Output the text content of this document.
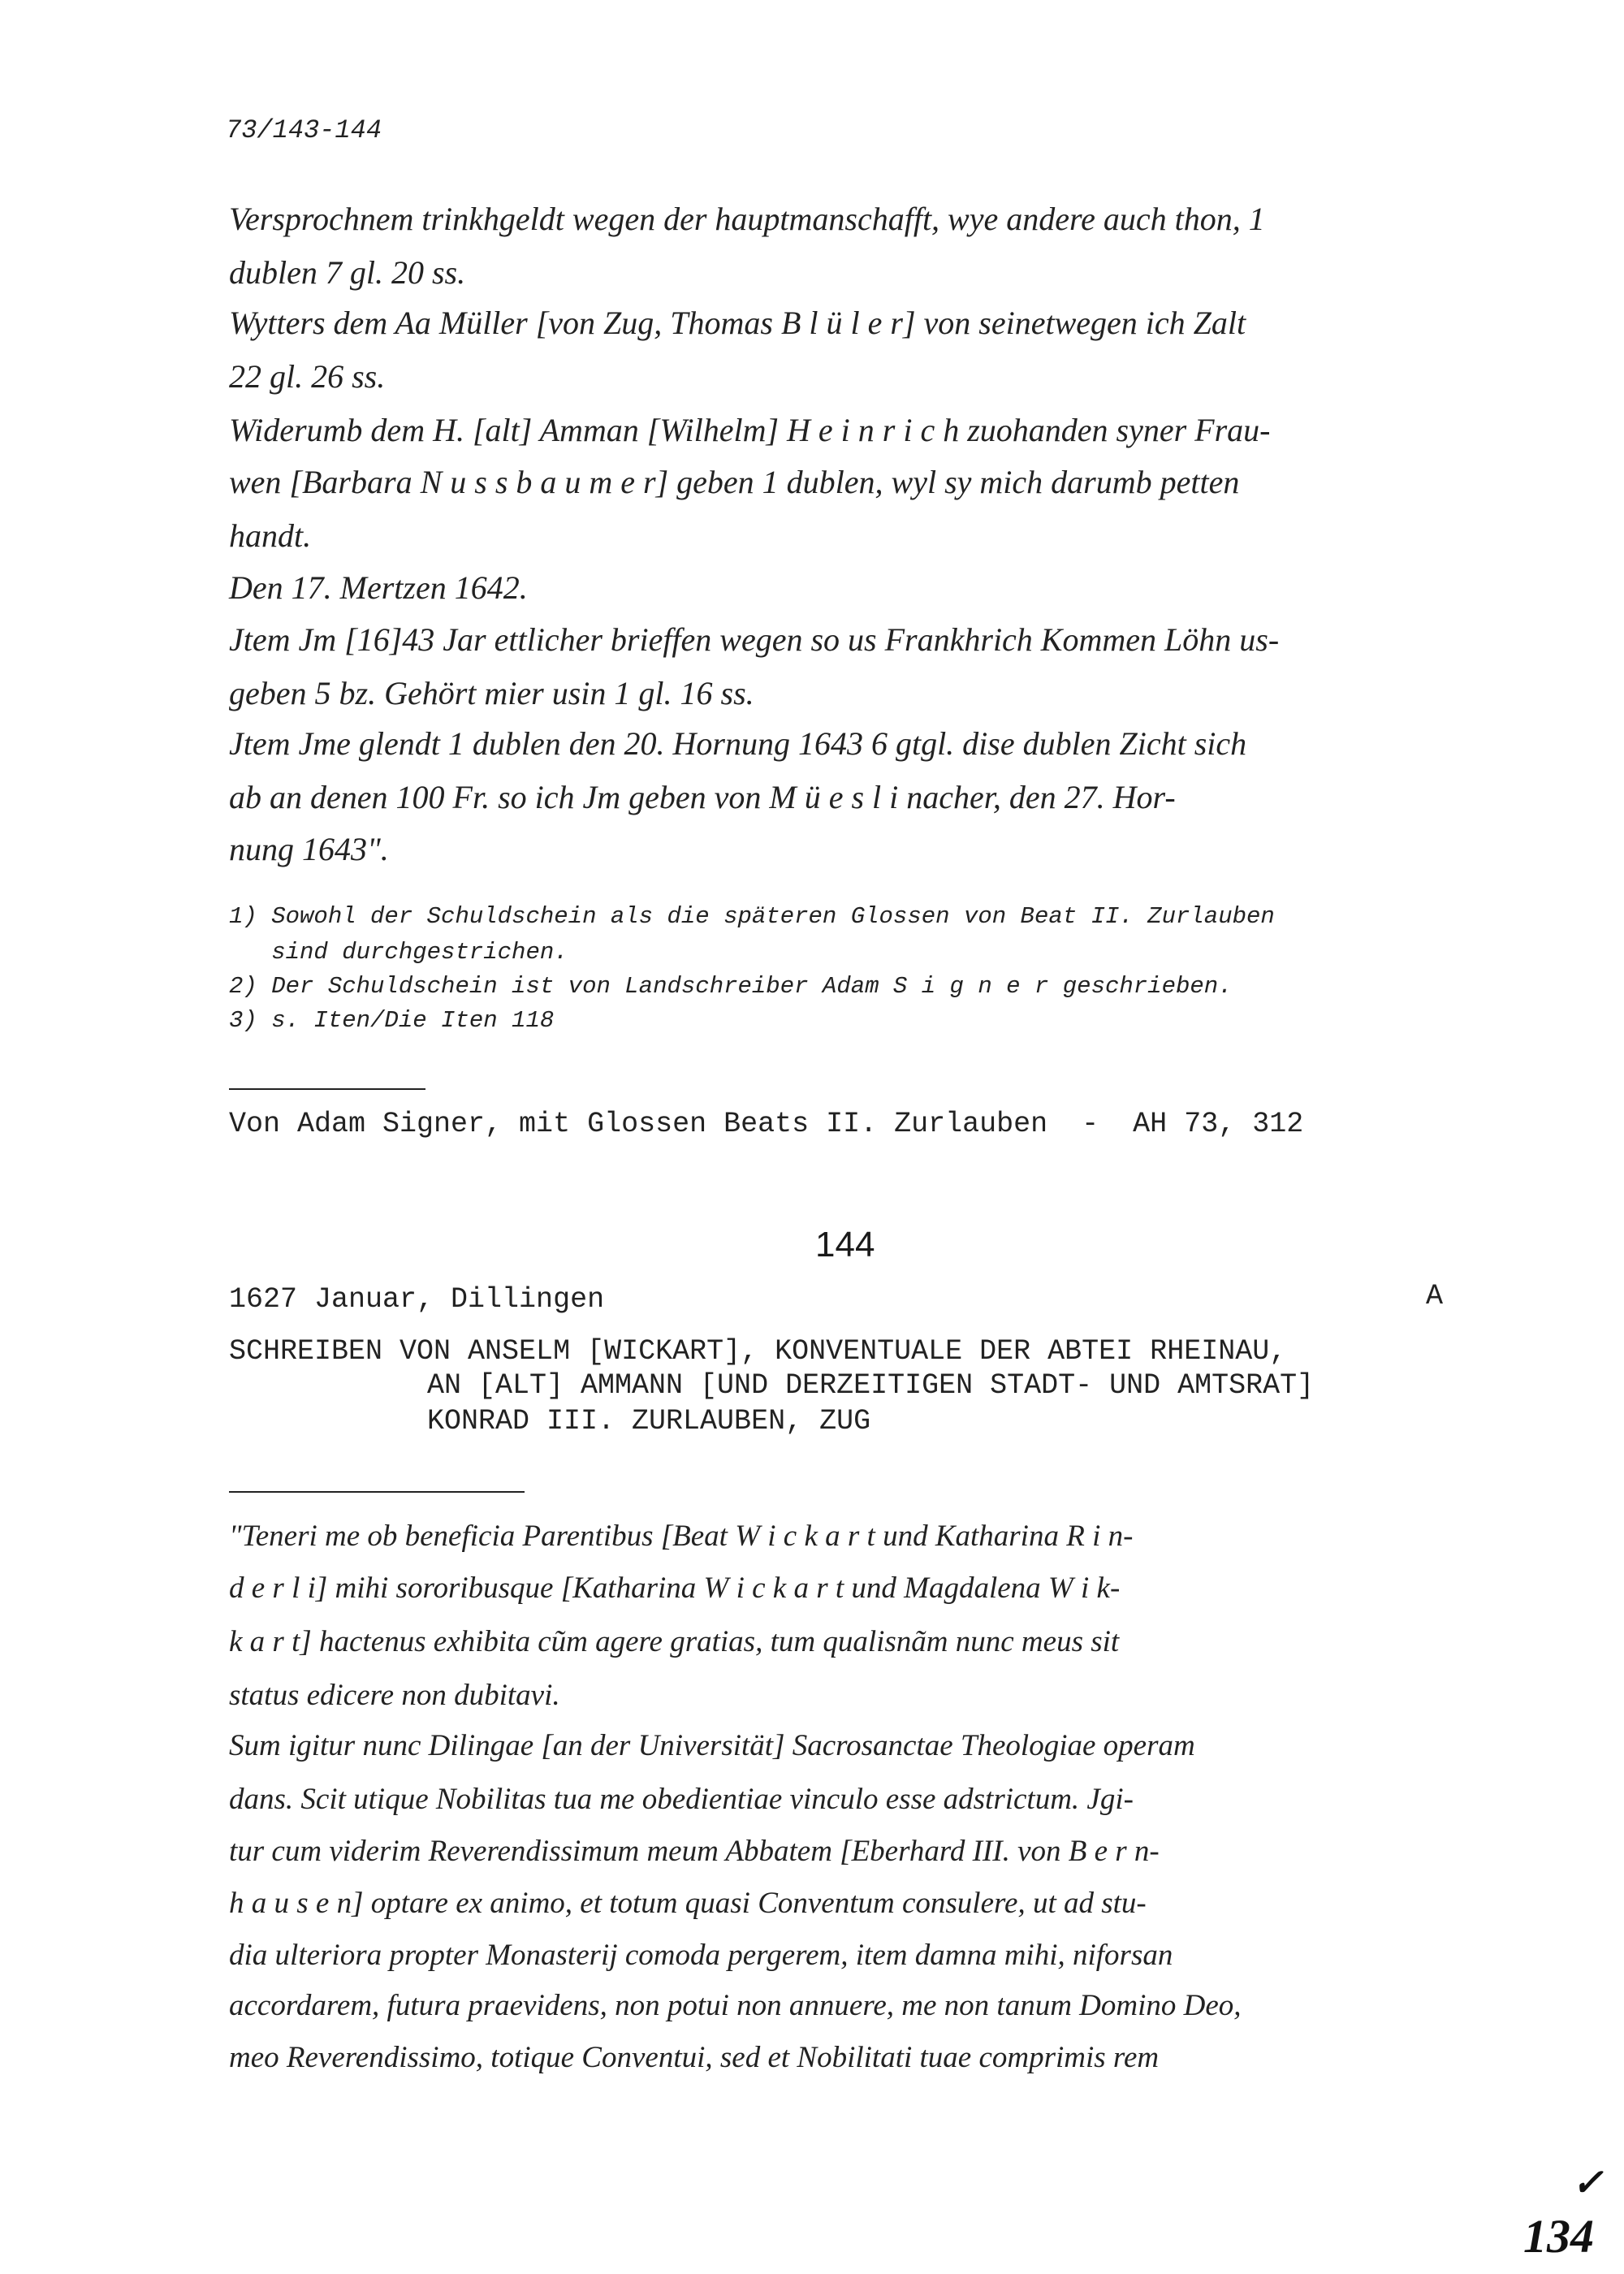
73/143-144
Versprochnem trinkhgeldt wegen der hauptmanschafft, wye andere auch thon, 1
dublen 7 gl. 20 ss.
Wytters dem Aa Müller [von Zug, Thomas B l ü l e r] von seinetwegen ich Zalt
22 gl. 26 ss.
Widerumb dem H. [alt] Amman [Wilhelm] H e i n r i c h zuohanden syner Frau-
wen [Barbara N u s s b a u m e r] geben 1 dublen, wyl sy mich darumb petten
handt.
Den 17. Mertzen 1642.
Jtem Jm [16]43 Jar ettlicher brieffen wegen so us Frankhrich Kommen Löhn us-
geben 5 bz. Gehört mier usin 1 gl. 16 ss.
Jtem Jme glendt 1 dublen den 20. Hornung 1643 6 gtgl. dise dublen Zicht sich
ab an denen 100 Fr. so ich Jm geben von M ü e s l i nacher, den 27. Hor-
nung 1643".
1) Sowohl der Schuldschein als die späteren Glossen von Beat II. Zurlauben
sind durchgestrichen.
2) Der Schuldschein ist von Landschreiber Adam S i g n e r geschrieben.
3) s. Iten/Die Iten 118
Von Adam Signer, mit Glossen Beats II. Zurlauben  -  AH 73, 312
144
1627 Januar, Dillingen	A
SCHREIBEN VON ANSELM [WICKART], KONVENTUALE DER ABTEI RHEINAU,
AN [ALT] AMMANN [UND DERZEITIGEN STADT- UND AMTSRAT]
KONRAD III. ZURLAUBEN, ZUG
"Teneri me ob beneficia Parentibus [Beat W i c k a r t und Katharina R i n-
d e r l i] mihi sororibusque [Katharina W i c k a r t und Magdalena W i k-
k a r t] hactenus exhibita cũm agere gratias, tum qualisnãm nunc meus sit
status edicere non dubitavi.
Sum igitur nunc Dilingae [an der Universität] Sacrosanctae Theologiae operam
dans. Scit utique Nobilitas tua me obedientiae vinculo esse adstrictum. Jgi-
tur cum viderim Reverendissimum meum Abbatem [Eberhard III. von B e r n-
h a u s e n] optare ex animo, et totum quasi Conventum consulere, ut ad stu-
dia ulteriora propter Monasterij comoda pergerem, item damna mihi, niforsan
accordarem, futura praevidens, non potui non annuere, me non tanum Domino Deo,
meo Reverendissimo, totique Conventui, sed et Nobilitati tuae comprimis rem
✓
134
